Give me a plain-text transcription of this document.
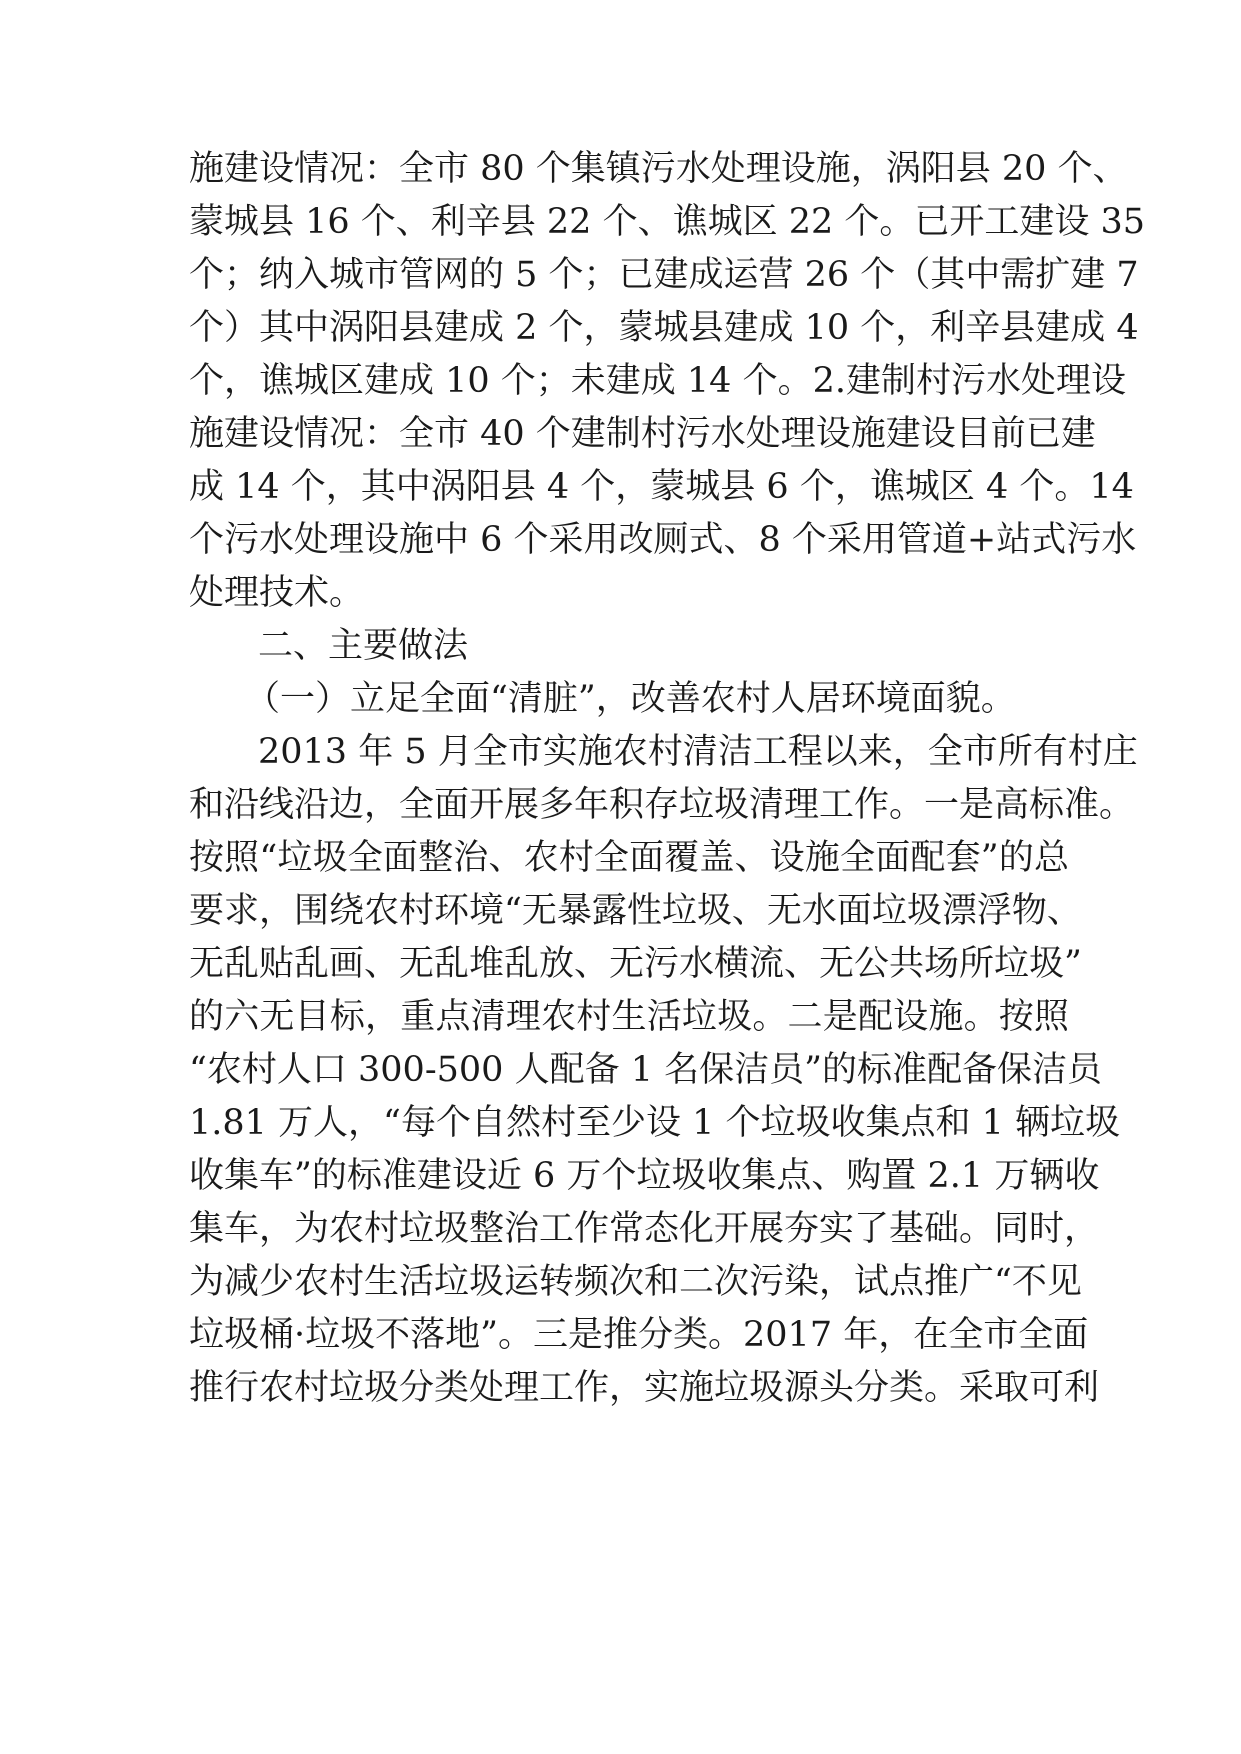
施建设情况：全市 80 个集镇污水处理设施，涡阳县 20 个、
蒙城县 16 个、利辛县 22 个、谯城区 22 个。已开工建设 35
个；纳入城市管网的 5 个；已建成运营 26 个（其中需扩建 7
个）其中涡阳县建成 2 个，蒙城县建成 10 个，利辛县建成 4
个，谯城区建成 10 个；未建成 14 个。2.建制村污水处理设
施建设情况：全市 40 个建制村污水处理设施建设目前已建
成 14 个，其中涡阳县 4 个，蒙城县 6 个，谯城区 4 个。14
个污水处理设施中 6 个采用改厕式、8 个采用管道+站式污水
处理技术。
二、主要做法
（一）立足全面“清脏”，改善农村人居环境面貌。
2013 年 5 月全市实施农村清洁工程以来，全市所有村庄
和沿线沿边，全面开展多年积存垃圾清理工作。一是高标准。
按照“垃圾全面整治、农村全面覆盖、设施全面配套”的总
要求，围绕农村环境“无暴露性垃圾、无水面垃圾漂浮物、
无乱贴乱画、无乱堆乱放、无污水横流、无公共场所垃圾”
的六无目标，重点清理农村生活垃圾。二是配设施。按照
“农村人口 300-500 人配备 1 名保洁员”的标准配备保洁员
1.81 万人，“每个自然村至少设 1 个垃圾收集点和 1 辆垃圾
收集车”的标准建设近 6 万个垃圾收集点、购置 2.1 万辆收
集车，为农村垃圾整治工作常态化开展夯实了基础。同时，
为减少农村生活垃圾运转频次和二次污染，试点推广“不见
垃圾桶·垃圾不落地”。三是推分类。2017 年，在全市全面
推行农村垃圾分类处理工作，实施垃圾源头分类。采取可利
